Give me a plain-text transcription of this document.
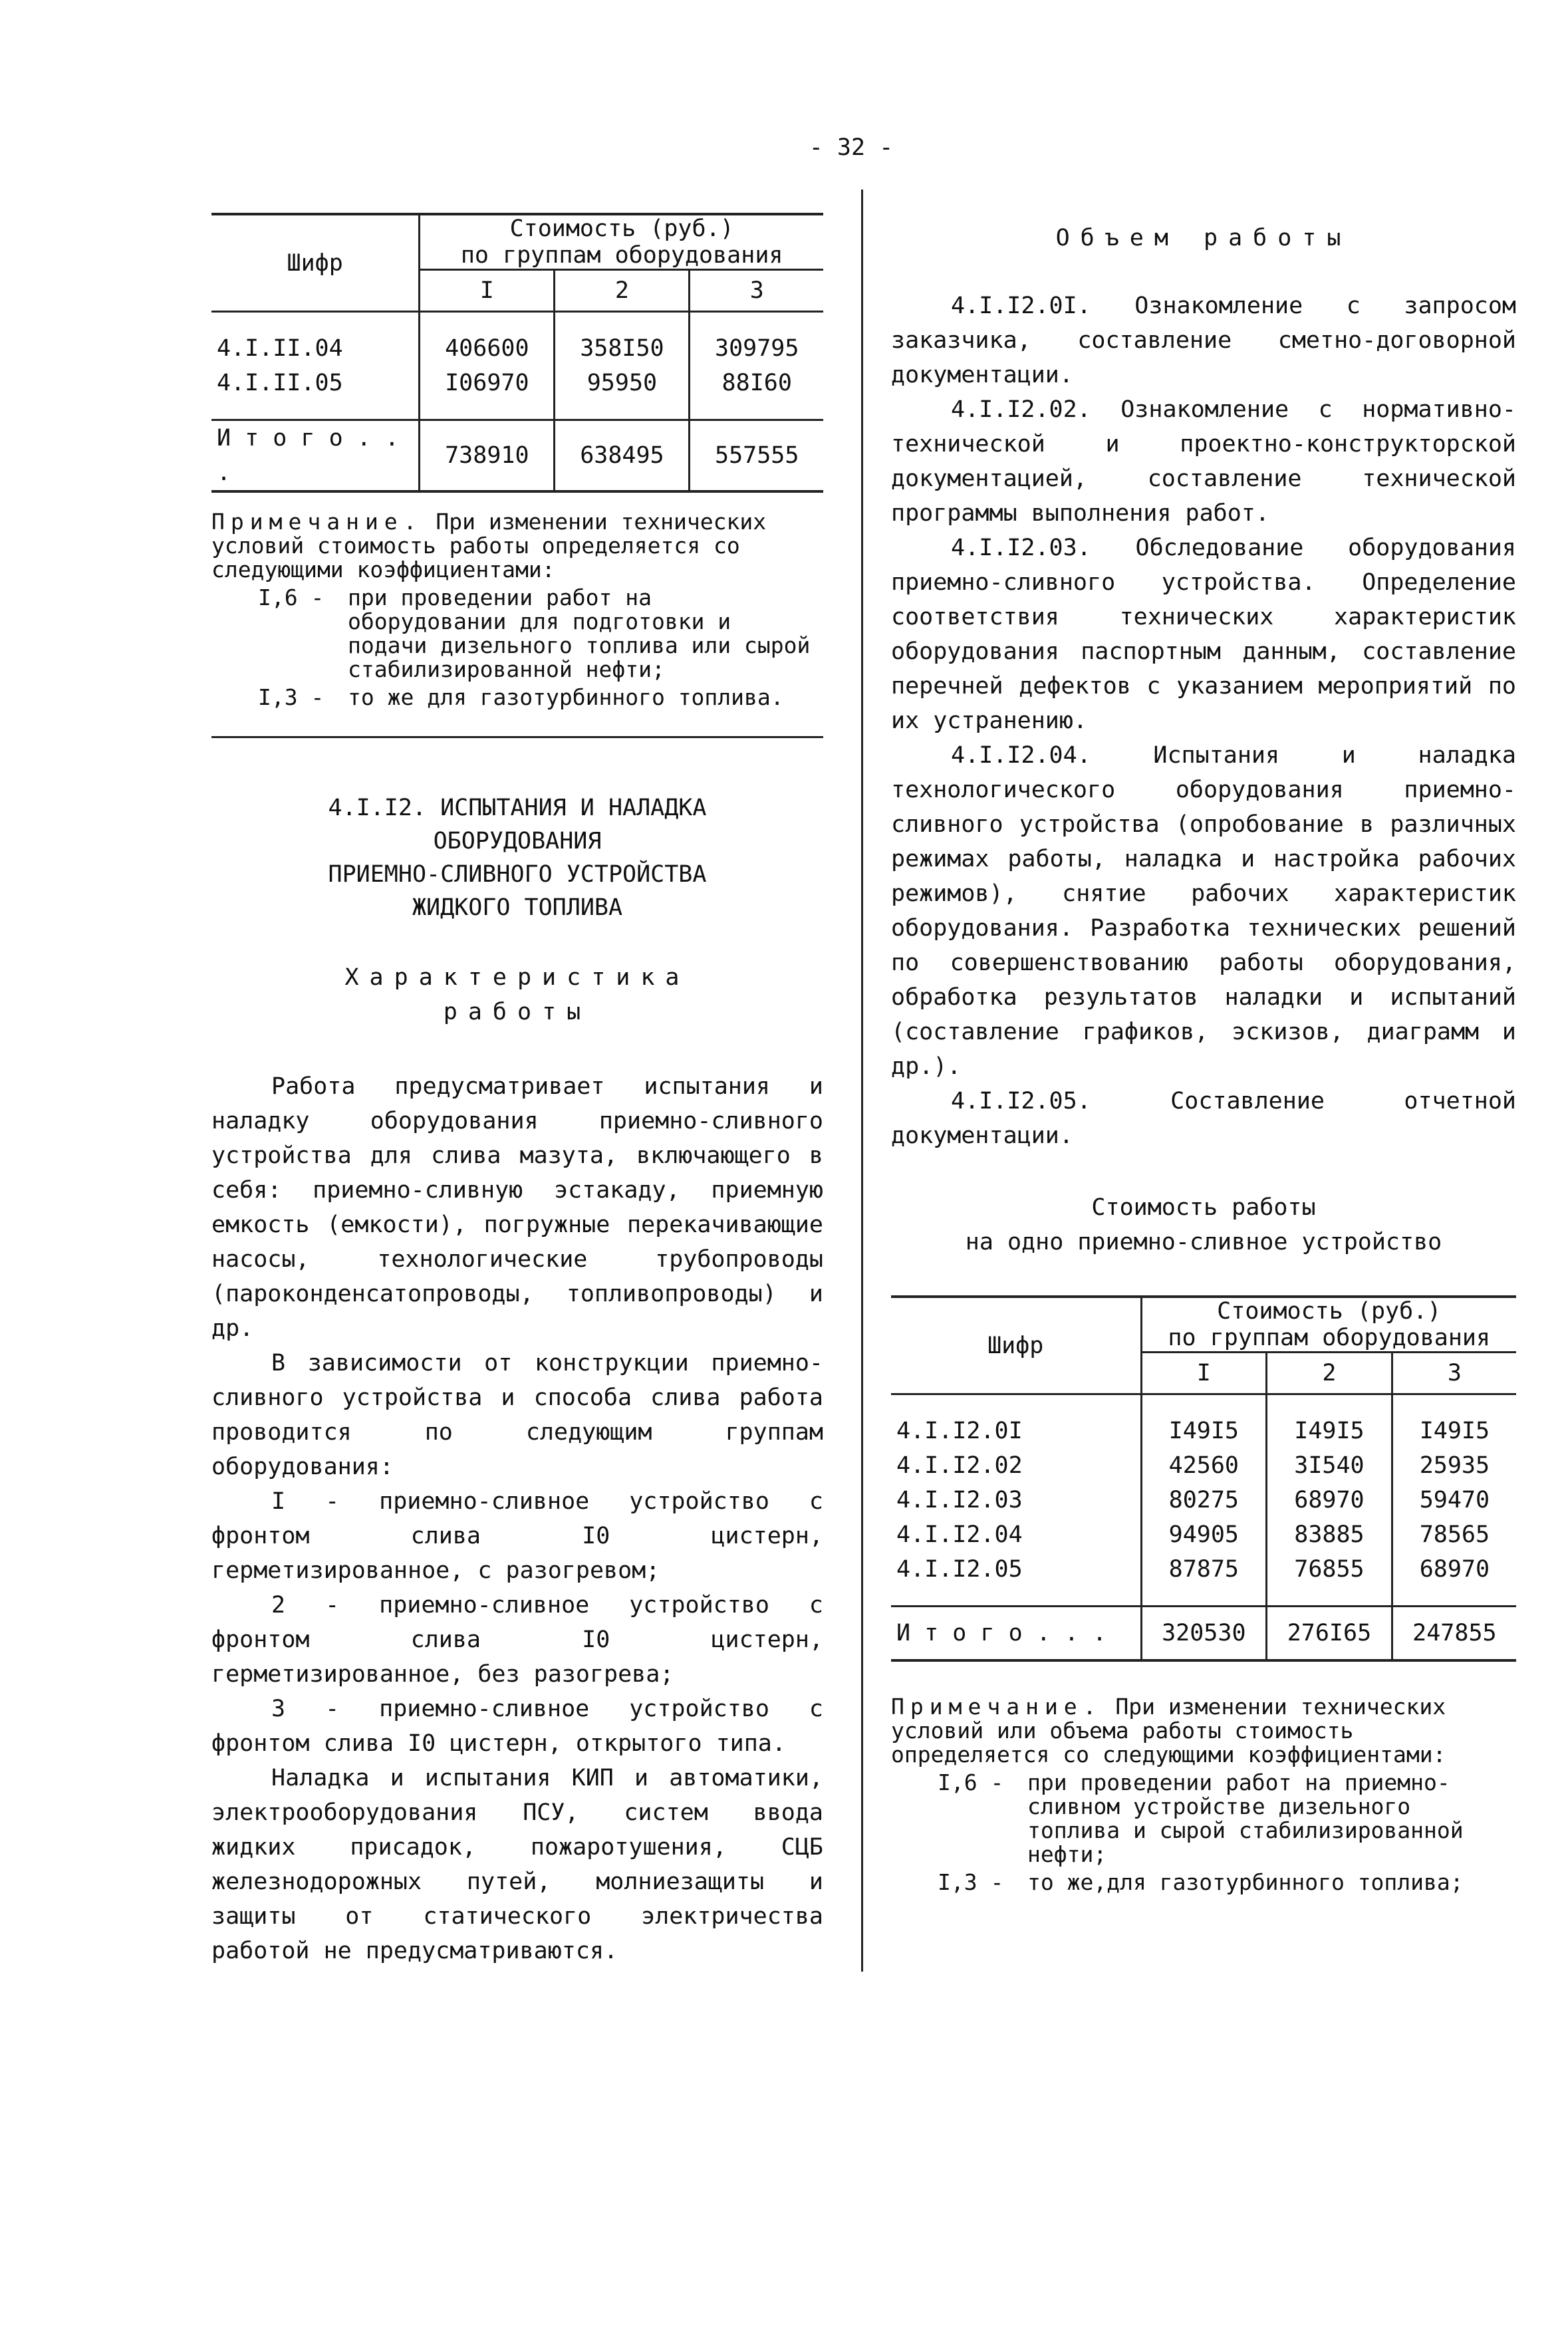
- 32 -
Шифр	Стоимость (руб.)
по группам оборудования		
	I	2	3

4.I.II.04	406600	358I50	309795
4.I.II.05	I06970	95950	88I60

И т о г о . . .	738910	638495	557555
Примечание. При изменении технических условий стоимость работы определяется со следующими коэффициентами:
I,6 -	при проведении работ на оборудовании для подготовки и подачи дизельного топлива или сырой стабилизированной нефти;
I,3 -	то же для газотурбинного топлива.
4.I.I2. ИСПЫТАНИЯ И НАЛАДКА
ОБОРУДОВАНИЯ
ПРИЕМНО-СЛИВНОГО УСТРОЙСТВА
ЖИДКОГО ТОПЛИВА
Характеристика
работы

Работа предусматривает испытания и наладку оборудования приемно-сливного устройства для слива мазута, включающего в себя: приемно-сливную эстакаду, приемную емкость (емкости), погружные перекачивающие насосы, технологические трубопроводы (пароконденсатопроводы, топливопроводы) и др.

В зависимости от конструкции приемно-сливного устройства и способа слива работа проводится по следующим группам оборудования:

I - приемно-сливное устройство с фронтом слива I0 цистерн, герметизированное, с разогревом;

2 - приемно-сливное устройство с фронтом слива I0 цистерн, герметизированное, без разогрева;

3 - приемно-сливное устройство с фронтом слива I0 цистерн, открытого типа.

Наладка и испытания КИП и автоматики, электрооборудования ПСУ, систем ввода жидких присадок, пожаротушения, СЦБ железнодорожных путей, молниезащиты и защиты от статического электричества работой не предусматриваются.

Объем работы

4.I.I2.0I. Ознакомление с запросом заказчика, составление сметно-договорной документации.

4.I.I2.02. Ознакомление с нормативно-технической и проектно-конструкторской документацией, составление технической программы выполнения работ.

4.I.I2.03. Обследование оборудования приемно-сливного устройства. Определение соответствия технических характеристик оборудования паспортным данным, составление перечней дефектов с указанием мероприятий по их устранению.

4.I.I2.04. Испытания и наладка технологического оборудования приемно-сливного устройства (опробование в различных режимах работы, наладка и настройка рабочих режимов), снятие рабочих характеристик оборудования. Разработка технических решений по совершенствованию работы оборудования, обработка результатов наладки и испытаний (составление графиков, эскизов, диаграмм и др.).

4.I.I2.05. Составление отчетной документации.

Стоимость работы
на одно приемно-сливное устройство
Шифр	Стоимость (руб.)
по группам оборудования		
	I	2	3

4.I.I2.0I	I49I5	I49I5	I49I5
4.I.I2.02	42560	3I540	25935
4.I.I2.03	80275	68970	59470
4.I.I2.04	94905	83885	78565
4.I.I2.05	87875	76855	68970

И т о г о . . .	320530	276I65	247855
Примечание. При изменении технических условий или объема работы стоимость определяется со следующими коэффициентами:
I,6 -	при проведении работ на приемно-сливном устройстве дизельного топлива и сырой стабилизированной нефти;
I,3 -	то же,для газотурбинного топлива;
